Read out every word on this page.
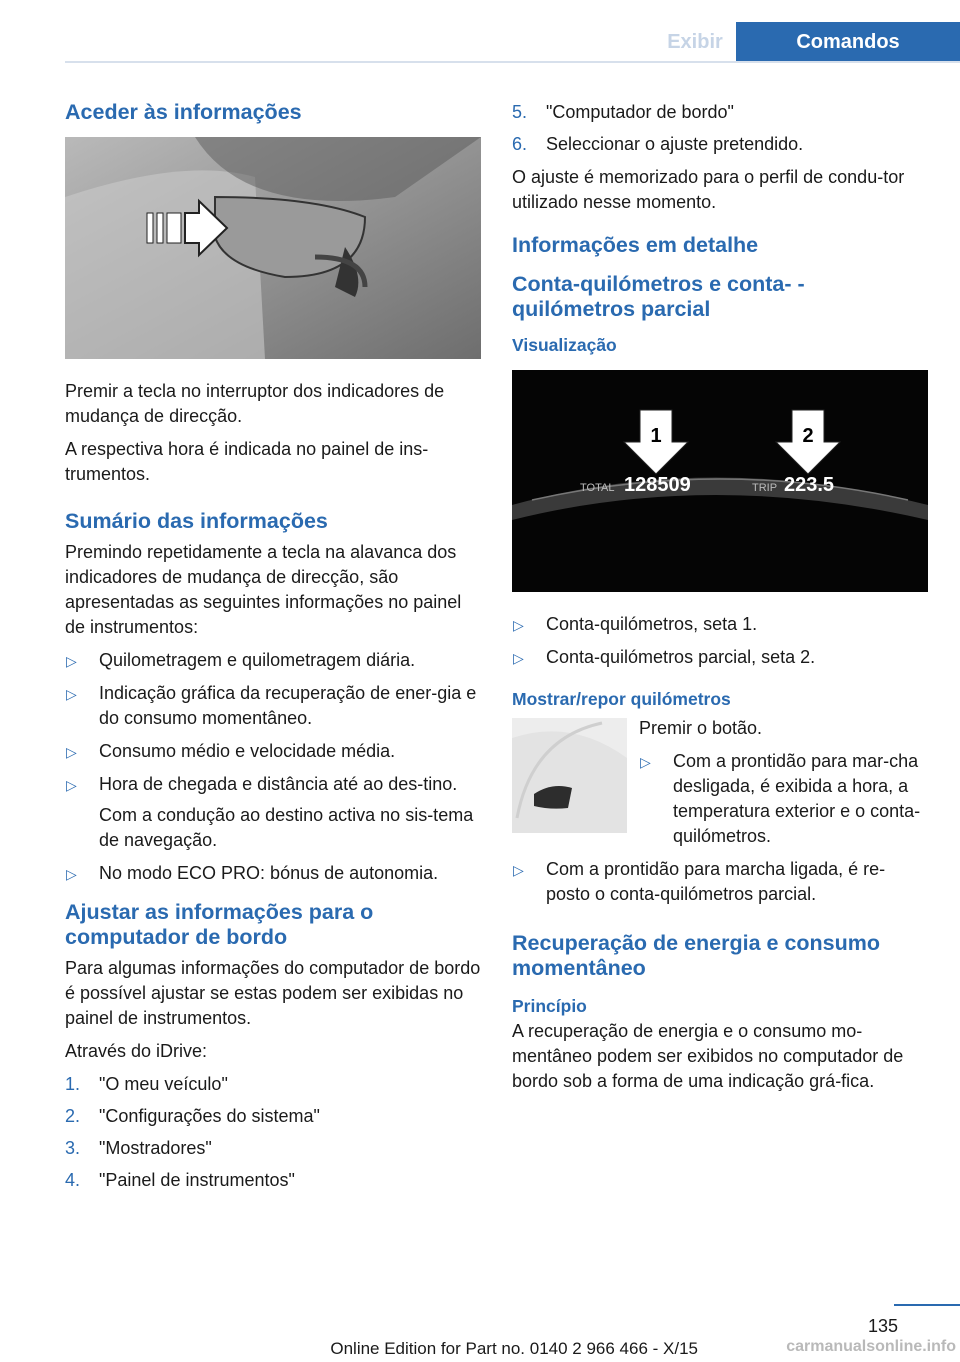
Exibir	Comandos
Aceder às informações

Premir a tecla no interruptor dos indicadores de mudança de direcção.

A respectiva hora é indicada no painel de ins‐trumentos.

Sumário das informações

Premindo repetidamente a tecla na alavanca dos indicadores de mudança de direcção, são apresentadas as seguintes informações no painel de instrumentos:

▷ Quilometragem e quilometragem diária.
▷ Indicação gráfica da recuperação de ener‐gia e do consumo momentâneo.
▷ Consumo médio e velocidade média.
▷ Hora de chegada e distância até ao des‐tino.

Com a condução ao destino activa no sis‐tema de navegação.

▷ No modo ECO PRO: bónus de autonomia.
Ajustar as informações para o computador de bordo

Para algumas informações do computador de bordo é possível ajustar se estas podem ser exibidas no painel de instrumentos.

Através do iDrive:

1. "O meu veículo"
2. "Configurações do sistema"
3. "Mostradores"
4. "Painel de instrumentos"
5. "Computador de bordo"
6. Seleccionar o ajuste pretendido.

O ajuste é memorizado para o perfil de condu‐tor utilizado nesse momento.

Informações em detalhe
Conta-quilómetros e conta- -quilómetros parcial
Visualização
1	2
TOTAL 128509	TRIP 223.5
▷ Conta-quilómetros, seta 1.
▷ Conta-quilómetros parcial, seta 2.
Mostrar/repor quilómetros

Premir o botão.

▷ Com a prontidão para mar‐cha desligada, é exibida a hora, a temperatura exterior e o conta-quilómetros.
▷ Com a prontidão para marcha ligada, é re‐posto o conta-quilómetros parcial.
Recuperação de energia e consumo momentâneo
Princípio

A recuperação de energia e o consumo mo‐mentâneo podem ser exibidos no computador de bordo sob a forma de uma indicação grá‐fica.

135
Online Edition for Part no. 0140 2 966 466 - X/15	carmanualsonline.info
